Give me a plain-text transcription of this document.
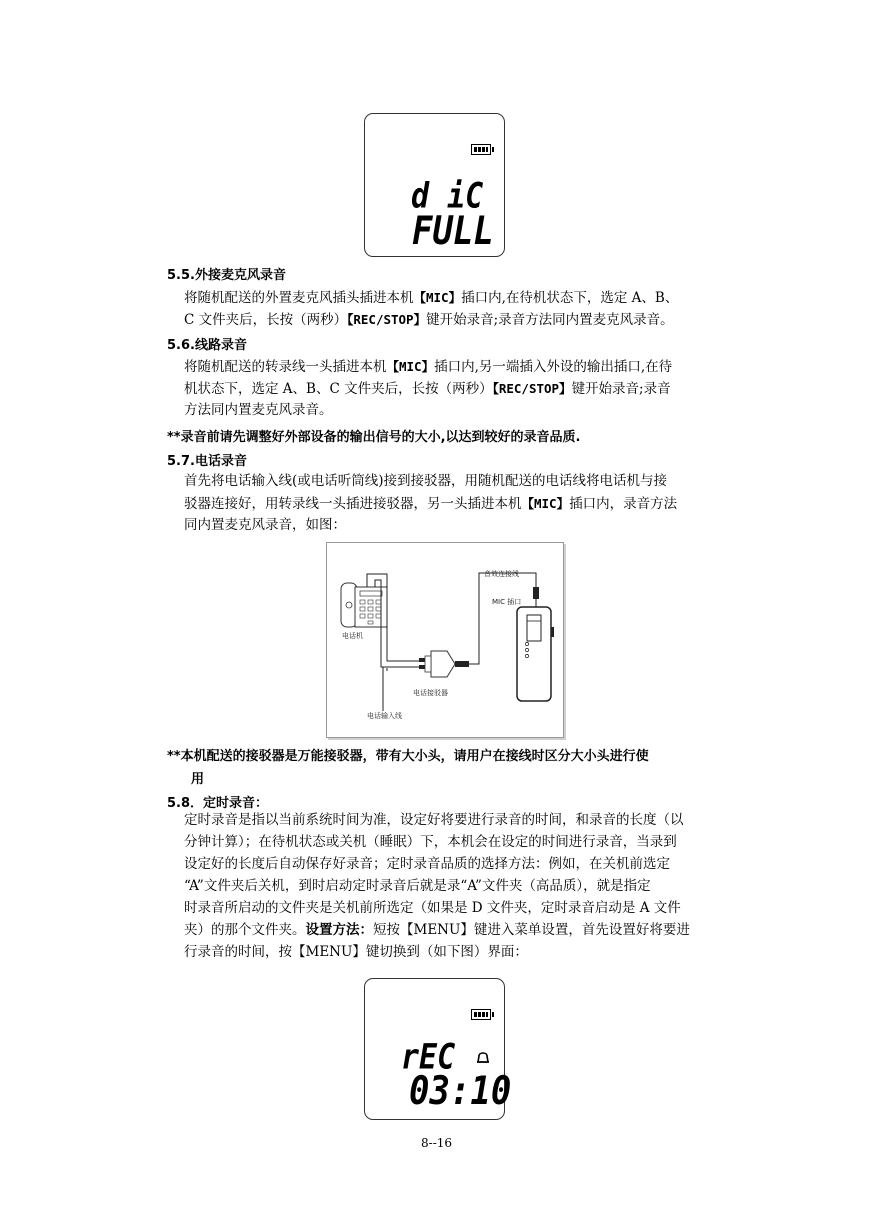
d iC
FULL
5.5.外接麦克风录音
将随机配送的外置麦克风插头插进本机【MIC】插口内,在待机状态下，选定 A、B、
C 文件夹后，长按（两秒）【REC/STOP】键开始录音;录音方法同内置麦克风录音。
5.6.线路录音
将随机配送的转录线一头插进本机【MIC】插口内,另一端插入外设的输出插口,在待
机状态下，选定 A、B、C 文件夹后，长按（两秒）【REC/STOP】键开始录音;录音
方法同内置麦克风录音。
**录音前请先调整好外部设备的输出信号的大小,以达到较好的录音品质.
5.7.电话录音
首先将电话输入线(或电话听筒线)接到接驳器，用随机配送的电话线将电话机与接
驳器连接好，用转录线一头插进接驳器，另一头插进本机【MIC】插口内，录音方法
同内置麦克风录音，如图：
音效连接线
MIC 插口
电话机
电话接驳器
电话输入线
**本机配送的接驳器是万能接驳器，带有大小头，请用户在接线时区分大小头进行使
用
5.8．定时录音：
定时录音是指以当前系统时间为准，设定好将要进行录音的时间，和录音的长度（以
分钟计算）；在待机状态或关机（睡眠）下，本机会在设定的时间进行录音，当录到
设定好的长度后自动保存好录音；定时录音品质的选择方法：例如，在关机前选定
“A”文件夹后关机，到时启动定时录音后就是录“A”文件夹（高品质），就是指定
时录音所启动的文件夹是关机前所选定（如果是 D 文件夹，定时录音启动是 A 文件
夹）的那个文件夹。设置方法：短按【MENU】键进入菜单设置，首先设置好将要进
行录音的时间，按【MENU】键切换到（如下图）界面：
rEC
03:10
8--16
